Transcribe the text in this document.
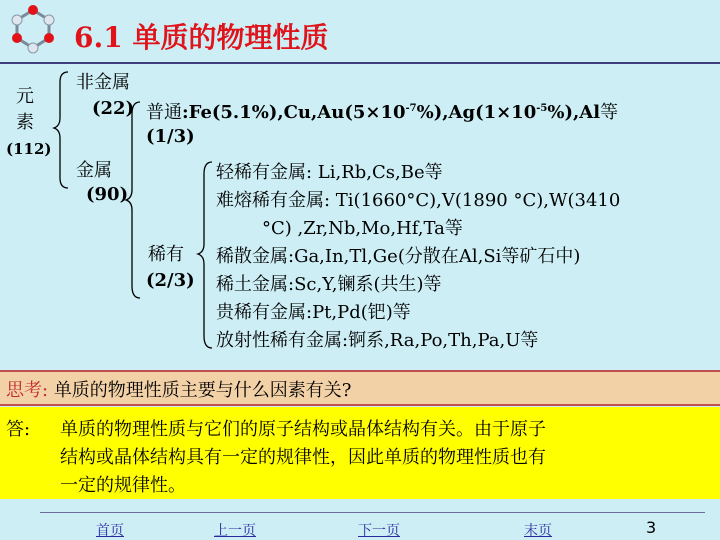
6.1 单质的物理性质
元
素
(112)
非金属
(22)
金属
(90)
普通$:Fe(5.1\%),Cu,Au(5\times 10^{-7}\%),Ag(1\times 10^{-5}\%),Al$等
(1/3)
稀有
(2/3)
轻稀有金属: Li,Rb,Cs,Be等
难熔稀有金属: Ti(1660°C),V(1890 °C),W(3410
°C) ,Zr,Nb,Mo,Hf,Ta等
稀散金属:Ga,In,Tl,Ge(分散在Al,Si等矿石中)
稀土金属:Sc,Y,镧系(共生)等
贵稀有金属:Pt,Pd(钯)等
放射性稀有金属:锕系,Ra,Po,Th,Pa,U等
思考: 单质的物理性质主要与什么因素有关?
答: 单质的物理性质与它们的原子结构或晶体结构有关。由于原子
结构或晶体结构具有一定的规律性，因此单质的物理性质也有
一定的规律性。
首页	上一页	下一页	末页	3
